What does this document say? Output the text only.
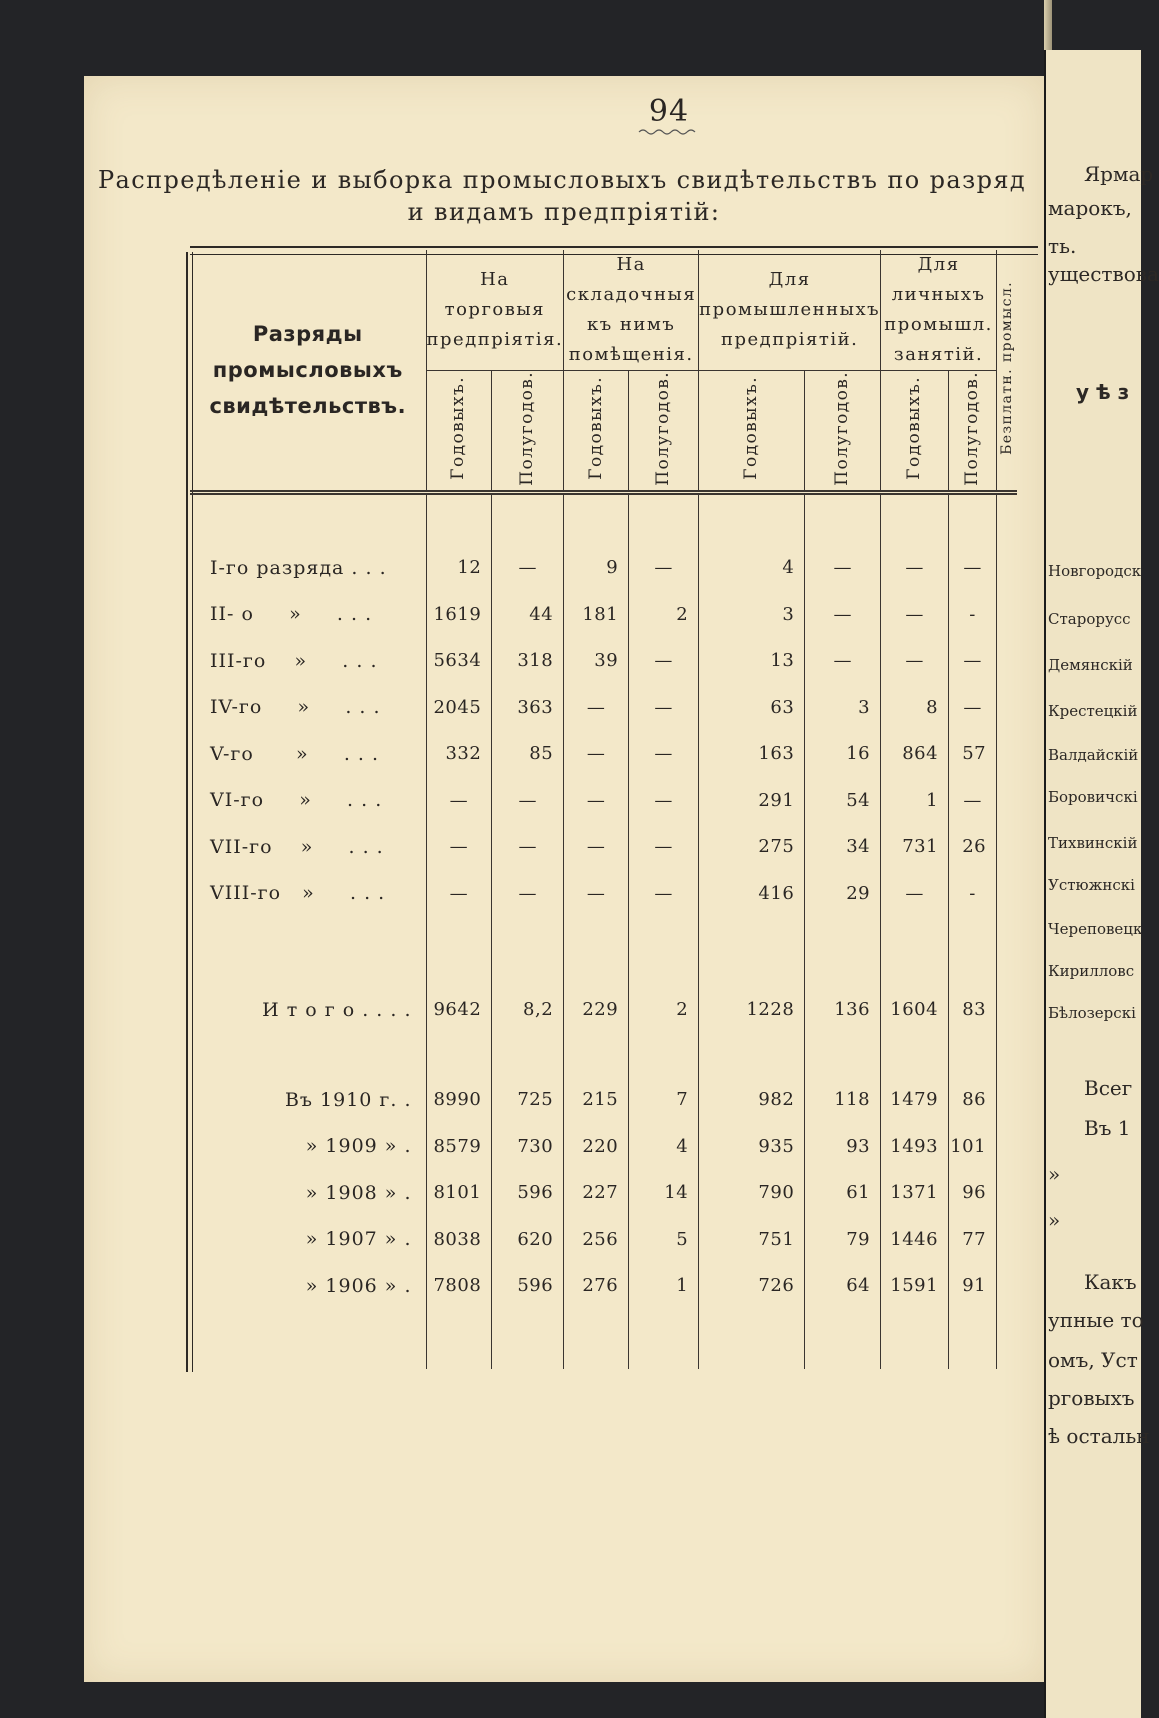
94
Распредѣленіе и выборка промысловыхъ свидѣтельствъ по разряд
и видамъ предпріятій:
Разряды промысловыхъ свидѣтельствъ.	На торговыя предпріятія.		На складочныя къ нимъ помѣщенія.		Для промышленныхъ предпріятій.		Для личныхъ промышл. занятій.		Безплатн. промысл.
	Годовыхъ.	Полугодов.	Годовыхъ.	Полугодов.	Годовыхъ.	Полугодов.	Годовыхъ.	Полугодов.	

I-го разряда . . .	12	—	9	—	4	—	—	—	
II- о     »     . . .	1619	44	181	2	3	—	—	-	
III-го    »     . . .	5634	318	39	—	13	—	—	—	
IV-го     »     . . .	2045	363	—	—	63	3	8	—	
V-го      »     . . .	332	85	—	—	163	16	864	57	
VI-го     »     . . .	—	—	—	—	291	54	1	—	
VII-го    »     . . .	—	—	—	—	275	34	731	26	
VIII-го   »     . . .	—	—	—	—	416	29	—	-	

И т о г о . . . .	9642	8,2	229	2	1228	136	1604	83	

Въ 1910 г. .	8990	725	215	7	982	118	1479	86	
» 1909 » .	8579	730	220	4	935	93	1493	101	
» 1908 » .	8101	596	227	14	790	61	1371	96	
» 1907 » .	8038	620	256	5	751	79	1446	77	
» 1906 » .	7808	596	276	1	726	64	1591	91	

Ярмар
марокъ,
ть.
уществова
у ѣ з
Новгородск
Старорусс
Демянскій
Крестецкій
Валдайскій
Боровичскі
Тихвинскій
Устюжнскі
Череповецк
Кирилловс
Бѣлозерскі
Всег
Въ 1
»
»
Какъ
упные то
омъ, Уст
рговыхъ
ѣ остальн
